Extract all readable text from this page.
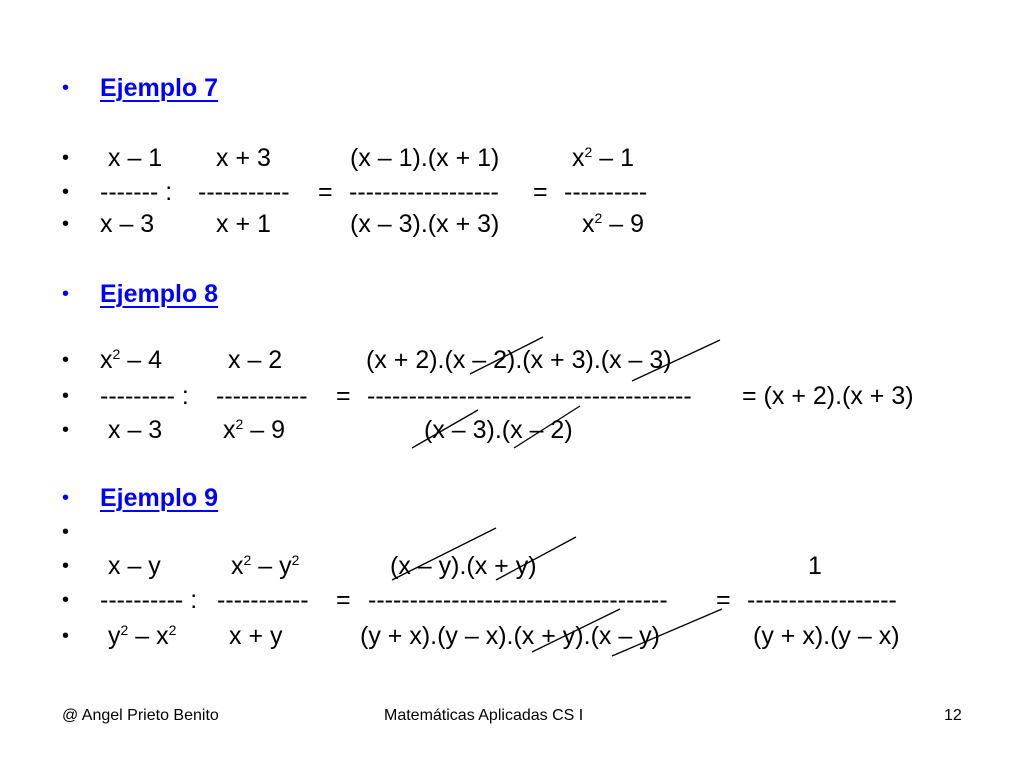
• Ejemplo 7
• x – 1 x + 3	(x – 1).(x + 1)	$x^2 - 1$
• ------- : ----------- = ------------------ = ----------
• x – 3 x + 1	(x – 3).(x + 3)	$x^2 - 9$
• Ejemplo 8
• $x^2 - 4$	x – 2	(x + 2).(x – 2).(x + 3).(x – 3)
• --------- : ----------- = --------------------------------------- = (x + 2).(x + 3)
• x – 3 $x^2 - 9$	(x – 3).(x – 2)
• Ejemplo 9
•
• x – y	$x^2 - y^2$	(x – y).(x + y)	1
• ---------- : ----------- = ------------------------------------ = ------------------
• $y^2 - x^2$ x + y	(y + x).(y – x).(x + y).(x – y)	(y + x).(y – x)
@ Angel Prieto Benito	Matemáticas Aplicadas CS I	12
